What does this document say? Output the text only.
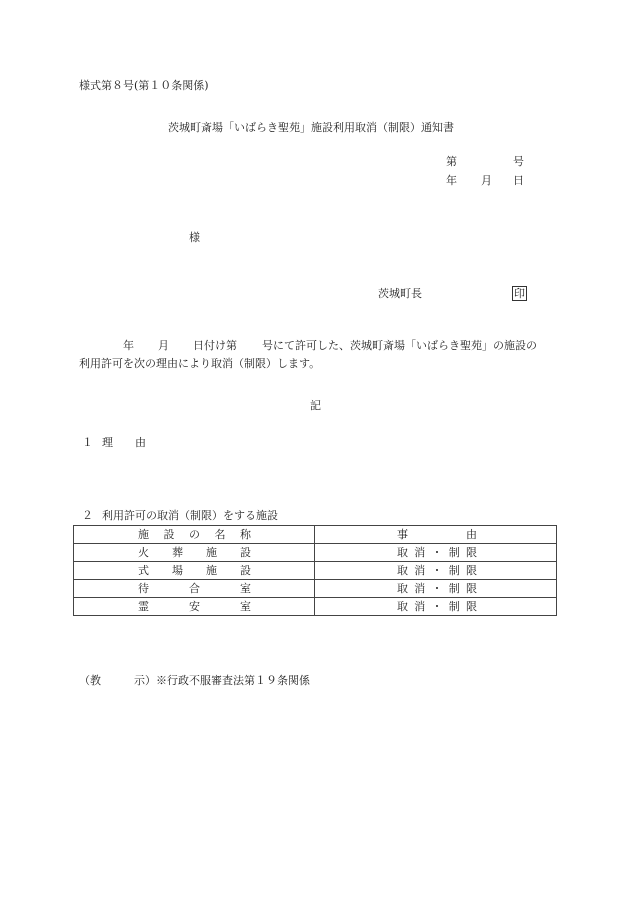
様式第８号(第１０条関係)
茨城町斎場「いばらき聖苑」施設利用取消（制限）通知書
第	号
年 月 日
様
茨城町長	印
年 月 日付け第 号にて許可した、茨城町斎場「いばらき聖苑」の施設の
利用許可を次の理由により取消（制限）します。
記
１ 理　　由
２ 利用許可の取消（制限）をする施設
施設の名称	事由
火葬施設	取消・制限
式場施設	取消・制限
待合室	取消・制限
霊安室	取消・制限
（教　　　示）※行政不服審査法第１９条関係
